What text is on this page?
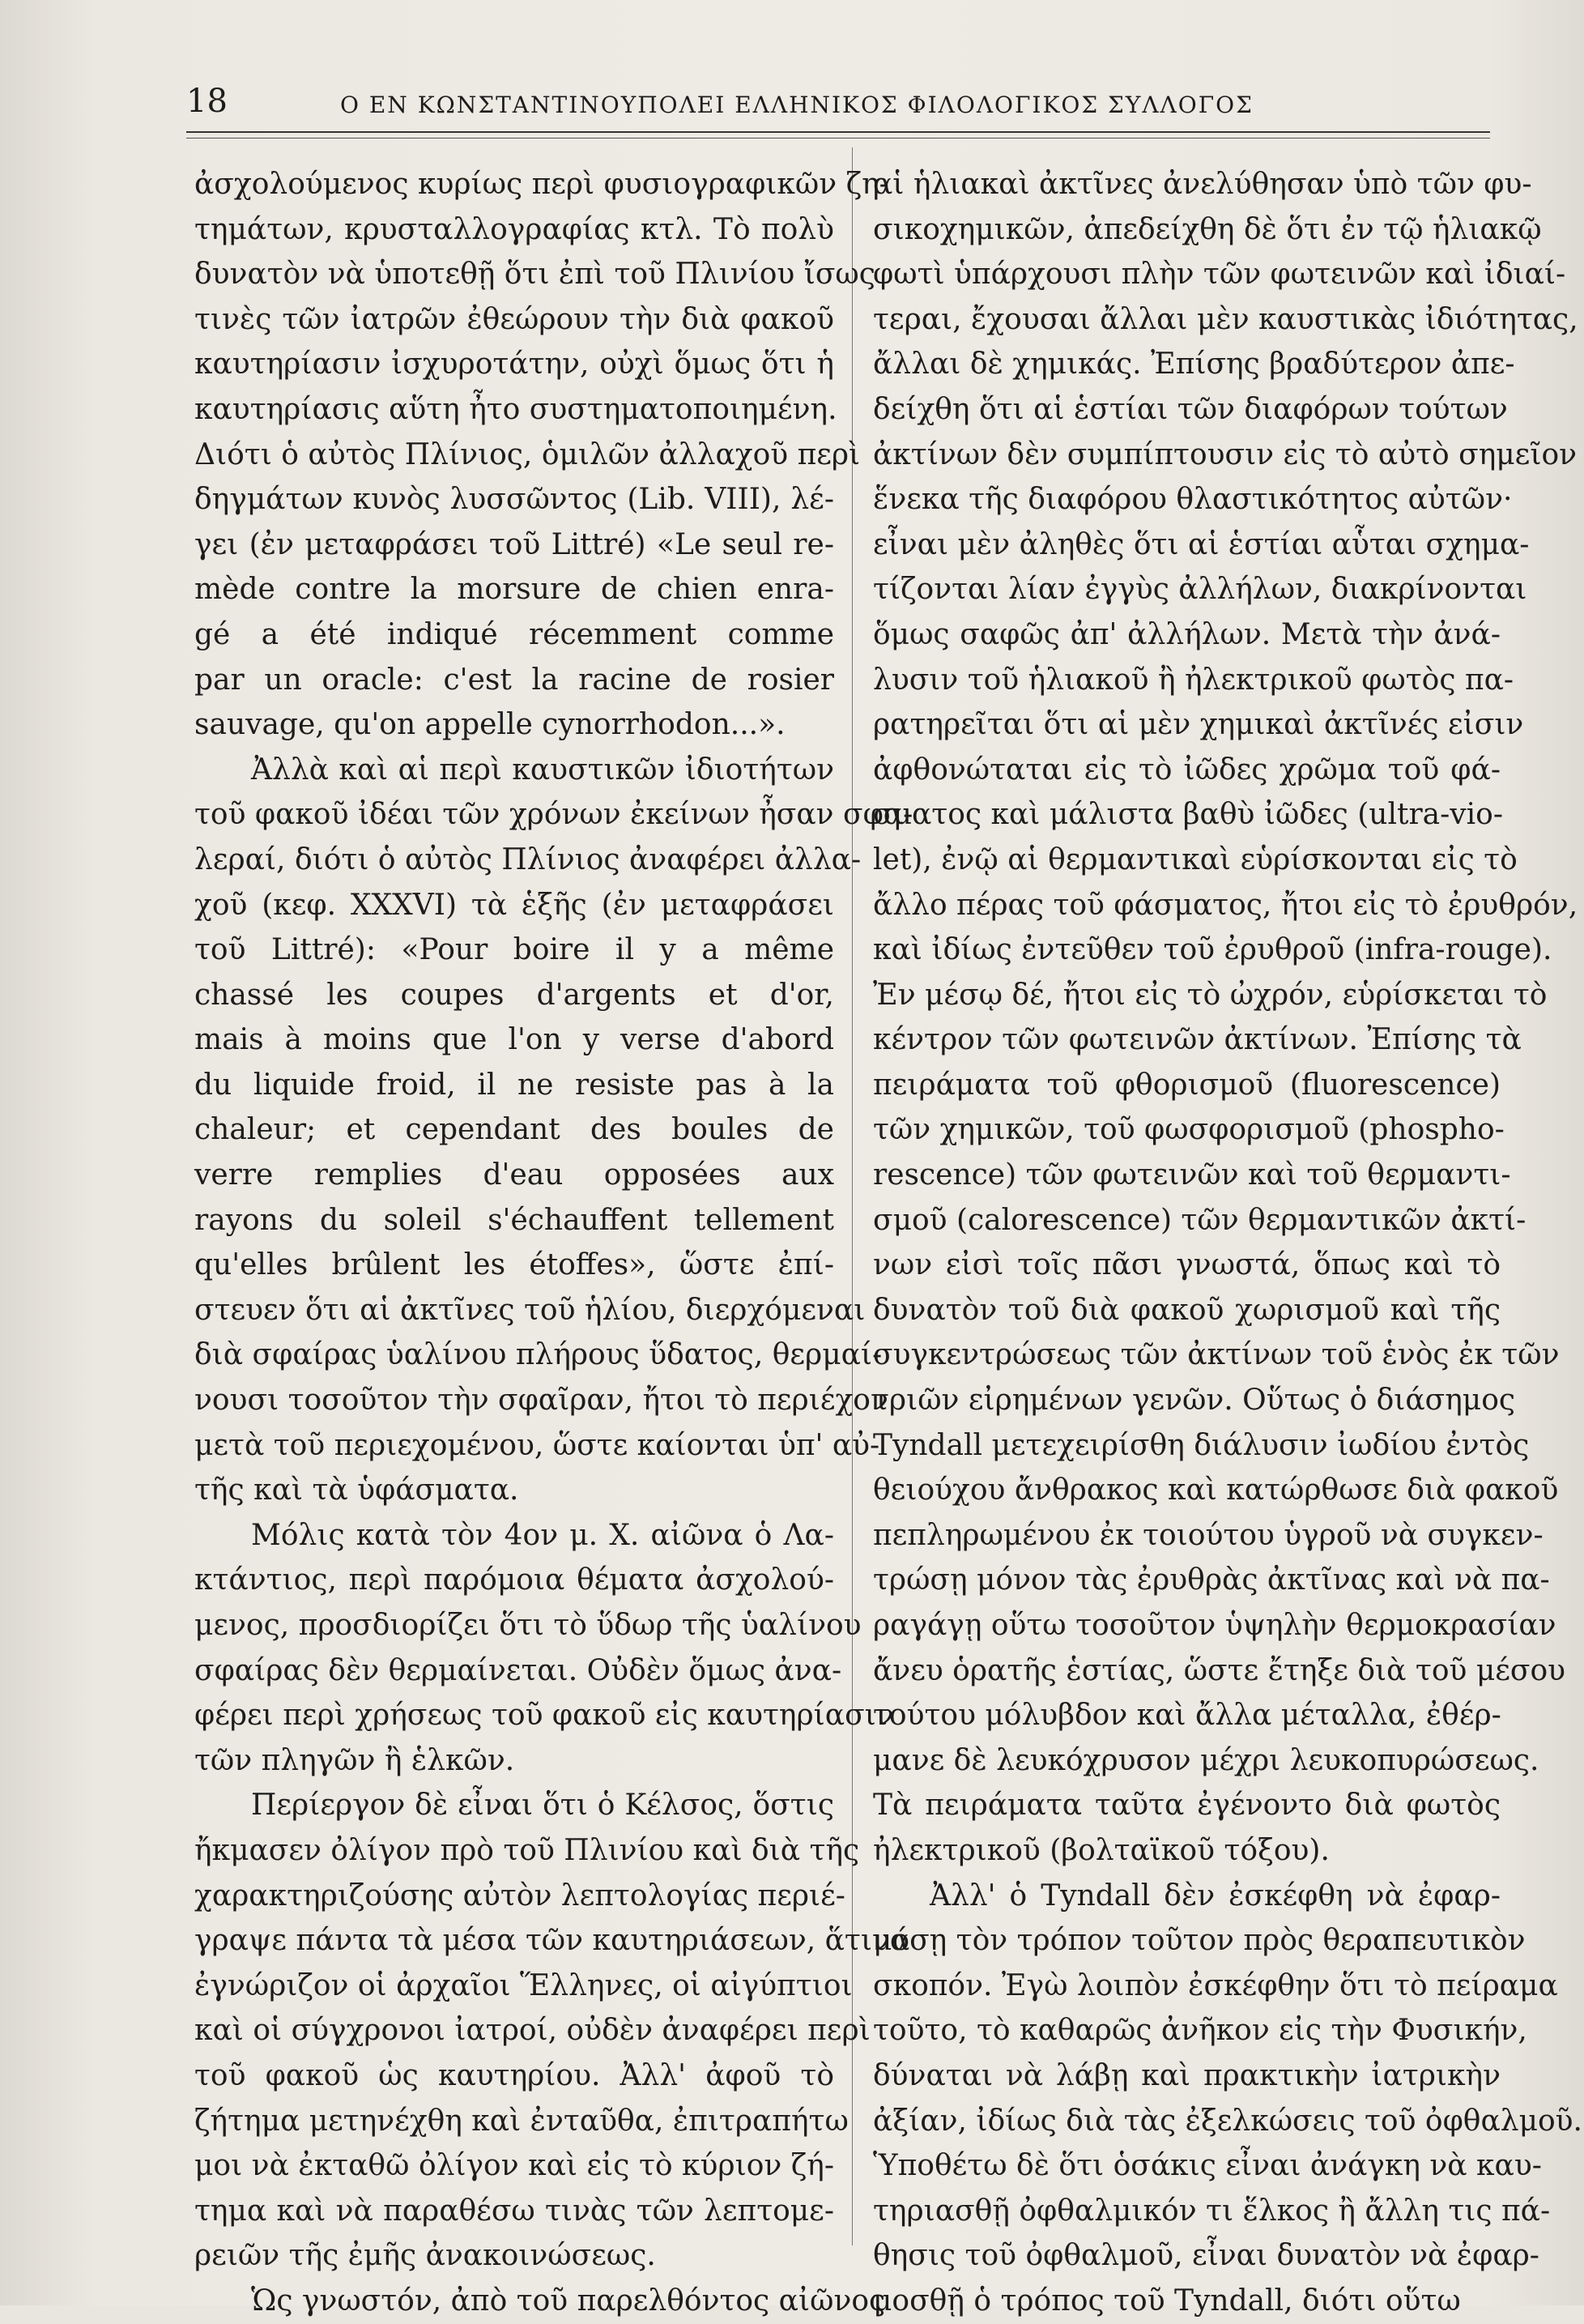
18	Ο ΕΝ ΚΩΝΣΤΑΝΤΙΝΟΥΠΟΛΕΙ ΕΛΛΗΝΙΚΟΣ ΦΙΛΟΛΟΓΙΚΟΣ ΣΥΛΛΟΓΟΣ
ἀσχολούμενος κυρίως περὶ φυσιογραφικῶν ζη-
τημάτων, κρυσταλλογραφίας κτλ. Τὸ πολὺ
δυνατὸν νὰ ὑποτεθῇ ὅτι ἐπὶ τοῦ Πλινίου ἴσως
τινὲς τῶν ἰατρῶν ἐθεώρουν τὴν διὰ φακοῦ
καυτηρίασιν ἰσχυροτάτην, οὐχὶ ὅμως ὅτι ἡ
καυτηρίασις αὕτη ἦτο συστηματοποιημένη.
Διότι ὁ αὐτὸς Πλίνιος, ὁμιλῶν ἀλλαχοῦ περὶ
δηγμάτων κυνὸς λυσσῶντος (Lib. VIII), λέ-
γει (ἐν μεταφράσει τοῦ Littré) «Le seul re-
mède contre la morsure de chien enra-
gé a été indiqué récemment comme
par un oracle: c'est la racine de rosier
sauvage, qu'on appelle cynorrhodon...».
Ἀλλὰ καὶ αἱ περὶ καυστικῶν ἰδιοτήτων
τοῦ φακοῦ ἰδέαι τῶν χρόνων ἐκείνων ἦσαν σφα-
λεραί, διότι ὁ αὐτὸς Πλίνιος ἀναφέρει ἀλλα-
χοῦ (κεφ. XXXVI) τὰ ἑξῆς (ἐν μεταφράσει
τοῦ Littré): «Pour boire il y a même
chassé les coupes d'argents et d'or,
mais à moins que l'on y verse d'abord
du liquide froid, il ne resiste pas à la
chaleur; et cependant des boules de
verre remplies d'eau opposées aux
rayons du soleil s'échauffent tellement
qu'elles brûlent les étoffes», ὥστε ἐπί-
στευεν ὅτι αἱ ἀκτῖνες τοῦ ἡλίου, διερχόμεναι
διὰ σφαίρας ὑαλίνου πλήρους ὕδατος, θερμαί-
νουσι τοσοῦτον τὴν σφαῖραν, ἤτοι τὸ περιέχον
μετὰ τοῦ περιεχομένου, ὥστε καίονται ὑπ' αὐ-
τῆς καὶ τὰ ὑφάσματα.
Μόλις κατὰ τὸν 4ον μ. Χ. αἰῶνα ὁ Λα-
κτάντιος, περὶ παρόμοια θέματα ἀσχολού-
μενος, προσδιορίζει ὅτι τὸ ὕδωρ τῆς ὑαλίνου
σφαίρας δὲν θερμαίνεται. Οὐδὲν ὅμως ἀνα-
φέρει περὶ χρήσεως τοῦ φακοῦ εἰς καυτηρίασιν
τῶν πληγῶν ἢ ἑλκῶν.
Περίεργον δὲ εἶναι ὅτι ὁ Κέλσος, ὅστις
ἤκμασεν ὀλίγον πρὸ τοῦ Πλινίου καὶ διὰ τῆς
χαρακτηριζούσης αὐτὸν λεπτολογίας περιέ-
γραψε πάντα τὰ μέσα τῶν καυτηριάσεων, ἅτινα
ἐγνώριζον οἱ ἀρχαῖοι Ἕλληνες, οἱ αἰγύπτιοι
καὶ οἱ σύγχρονοι ἰατροί, οὐδὲν ἀναφέρει περὶ
τοῦ φακοῦ ὡς καυτηρίου. Ἀλλ' ἀφοῦ τὸ
ζήτημα μετηνέχθη καὶ ἐνταῦθα, ἐπιτραπήτω
μοι νὰ ἐκταθῶ ὀλίγον καὶ εἰς τὸ κύριον ζή-
τημα καὶ νὰ παραθέσω τινὰς τῶν λεπτομε-
ρειῶν τῆς ἐμῆς ἀνακοινώσεως.
Ὡς γνωστόν, ἀπὸ τοῦ παρελθόντος αἰῶνος
αἱ ἡλιακαὶ ἀκτῖνες ἀνελύθησαν ὑπὸ τῶν φυ-
σικοχημικῶν, ἀπεδείχθη δὲ ὅτι ἐν τῷ ἡλιακῷ
φωτὶ ὑπάρχουσι πλὴν τῶν φωτεινῶν καὶ ἰδιαί-
τεραι, ἔχουσαι ἄλλαι μὲν καυστικὰς ἰδιότητας,
ἄλλαι δὲ χημικάς. Ἐπίσης βραδύτερον ἀπε-
δείχθη ὅτι αἱ ἑστίαι τῶν διαφόρων τούτων
ἀκτίνων δὲν συμπίπτουσιν εἰς τὸ αὐτὸ σημεῖον
ἕνεκα τῆς διαφόρου θλαστικότητος αὐτῶν·
εἶναι μὲν ἀληθὲς ὅτι αἱ ἑστίαι αὗται σχημα-
τίζονται λίαν ἐγγὺς ἀλλήλων, διακρίνονται
ὅμως σαφῶς ἀπ' ἀλλήλων. Μετὰ τὴν ἀνά-
λυσιν τοῦ ἡλιακοῦ ἢ ἠλεκτρικοῦ φωτὸς πα-
ρατηρεῖται ὅτι αἱ μὲν χημικαὶ ἀκτῖνές εἰσιν
ἀφθονώταται εἰς τὸ ἰῶδες χρῶμα τοῦ φά-
σματος καὶ μάλιστα βαθὺ ἰῶδες (ultra-vio-
let), ἐνῷ αἱ θερμαντικαὶ εὑρίσκονται εἰς τὸ
ἄλλο πέρας τοῦ φάσματος, ἤτοι εἰς τὸ ἐρυθρόν,
καὶ ἰδίως ἐντεῦθεν τοῦ ἐρυθροῦ (infra-rouge).
Ἐν μέσῳ δέ, ἤτοι εἰς τὸ ὠχρόν, εὑρίσκεται τὸ
κέντρον τῶν φωτεινῶν ἀκτίνων. Ἐπίσης τὰ
πειράματα τοῦ φθορισμοῦ (fluorescence)
τῶν χημικῶν, τοῦ φωσφορισμοῦ (phospho-
rescence) τῶν φωτεινῶν καὶ τοῦ θερμαντι-
σμοῦ (calorescence) τῶν θερμαντικῶν ἀκτί-
νων εἰσὶ τοῖς πᾶσι γνωστά, ὅπως καὶ τὸ
δυνατὸν τοῦ διὰ φακοῦ χωρισμοῦ καὶ τῆς
συγκεντρώσεως τῶν ἀκτίνων τοῦ ἑνὸς ἐκ τῶν
τριῶν εἰρημένων γενῶν. Οὕτως ὁ διάσημος
Tyndall μετεχειρίσθη διάλυσιν ἰωδίου ἐντὸς
θειούχου ἄνθρακος καὶ κατώρθωσε διὰ φακοῦ
πεπληρωμένου ἐκ τοιούτου ὑγροῦ νὰ συγκεν-
τρώσῃ μόνον τὰς ἐρυθρὰς ἀκτῖνας καὶ νὰ πα-
ραγάγῃ οὕτω τοσοῦτον ὑψηλὴν θερμοκρασίαν
ἄνευ ὁρατῆς ἑστίας, ὥστε ἔτηξε διὰ τοῦ μέσου
τούτου μόλυβδον καὶ ἄλλα μέταλλα, ἐθέρ-
μανε δὲ λευκόχρυσον μέχρι λευκοπυρώσεως.
Τὰ πειράματα ταῦτα ἐγένοντο διὰ φωτὸς
ἠλεκτρικοῦ (βολταϊκοῦ τόξου).
Ἀλλ' ὁ Tyndall δὲν ἐσκέφθη νὰ ἐφαρ-
μόσῃ τὸν τρόπον τοῦτον πρὸς θεραπευτικὸν
σκοπόν. Ἐγὼ λοιπὸν ἐσκέφθην ὅτι τὸ πείραμα
τοῦτο, τὸ καθαρῶς ἀνῆκον εἰς τὴν Φυσικήν,
δύναται νὰ λάβῃ καὶ πρακτικὴν ἰατρικὴν
ἀξίαν, ἰδίως διὰ τὰς ἐξελκώσεις τοῦ ὀφθαλμοῦ.
Ὑποθέτω δὲ ὅτι ὁσάκις εἶναι ἀνάγκη νὰ καυ-
τηριασθῇ ὀφθαλμικόν τι ἕλκος ἢ ἄλλη τις πά-
θησις τοῦ ὀφθαλμοῦ, εἶναι δυνατὸν νὰ ἐφαρ-
μοσθῇ ὁ τρόπος τοῦ Tyndall, διότι οὕτω
